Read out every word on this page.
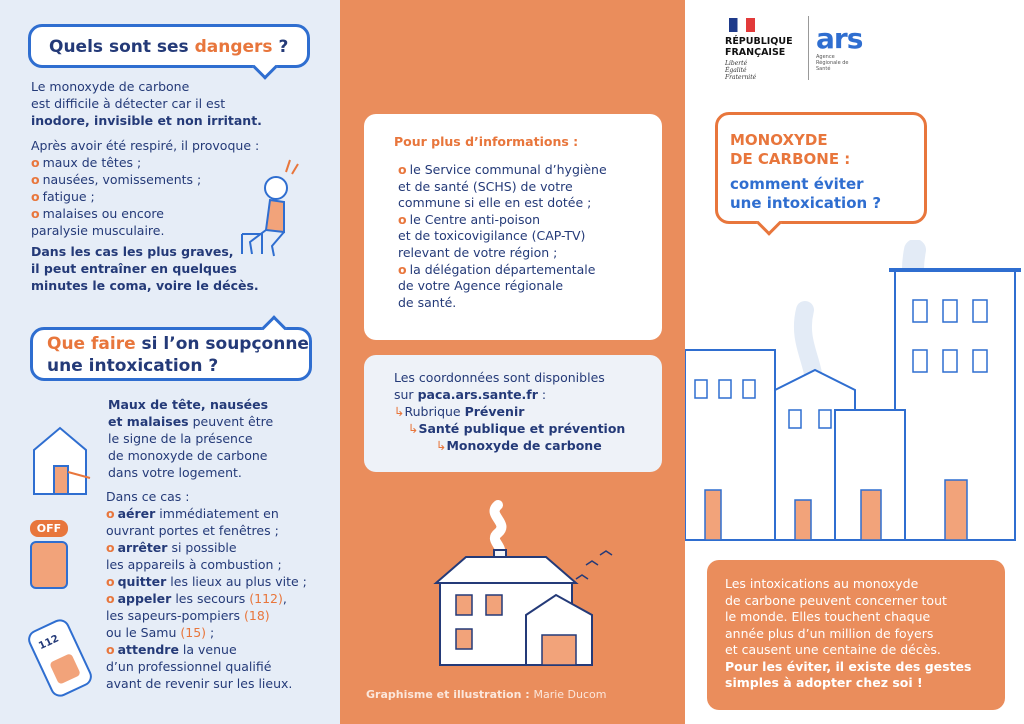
Quels sont ses dangers ?
Le monoxyde de carbone
est difficile à détecter car il est
inodore, invisible et non irritant.
Après avoir été respiré, il provoque :
o maux de têtes ;
o nausées, vomissements ;
o fatigue ;
o malaises ou encore
paralysie musculaire.
Dans les cas les plus graves,
il peut entraîner en quelques
minutes le coma, voire le décès.
Que faire si l’on soupçonne
une intoxication ?
Maux de tête, nausées
et malaises peuvent être
le signe de la présence
de monoxyde de carbone
dans votre logement.
Dans ce cas :
o aérer immédiatement en
ouvrant portes et fenêtres ;
o arrêter si possible
les appareils à combustion ;
o quitter les lieux au plus vite ;
o appeler les secours (112),
les sapeurs-pompiers (18)
ou le Samu (15) ;
o attendre la venue
d’un professionnel qualifié
avant de revenir sur les lieux.
OFF
112
Pour plus d’informations :
o le Service communal d’hygiène
et de santé (SCHS) de votre
commune si elle en est dotée ;
o le Centre anti-poison
et de toxicovigilance (CAP-TV)
relevant de votre région ;
o la délégation départementale
de votre Agence régionale
de santé.
Les coordonnées sont disponibles
sur paca.ars.sante.fr :
↳Rubrique Prévenir
↳Santé publique et prévention
↳Monoxyde de carbone
Graphisme et illustration : Marie Ducom
RÉPUBLIQUE
FRANÇAISE
Liberté
Égalité
Fraternité
ars
Agence Régionale de Santé
MONOXYDE
DE CARBONE :
comment éviter
une intoxication ?
Les intoxications au monoxyde
de carbone peuvent concerner tout
le monde. Elles touchent chaque
année plus d’un million de foyers
et causent une centaine de décès.
Pour les éviter, il existe des gestes
simples à adopter chez soi !
